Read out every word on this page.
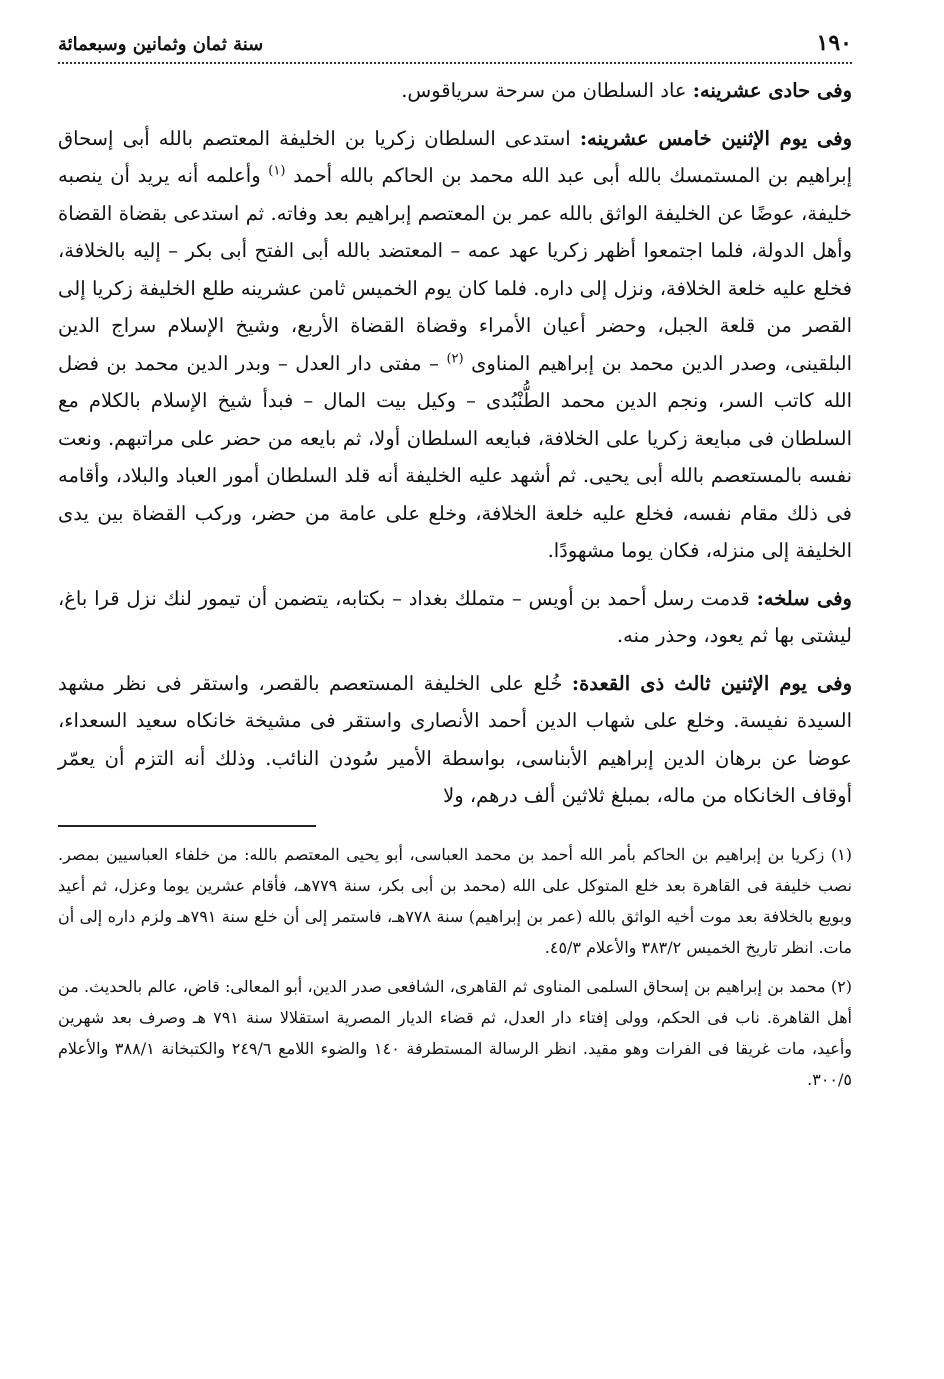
١٩٠
سنة ثمان وثمانين وسبعمائة

وفى حادى عشرينه: عاد السلطان من سرحة سرياقوس.

وفى يوم الإثنين خامس عشرينه: استدعى السلطان زكريا بن الخليفة المعتصم بالله أبى إسحاق إبراهيم بن المستمسك بالله أبى عبد الله محمد بن الحاكم بالله أحمد $^{(١)}$ وأعلمه أنه يريد أن ينصبه خليفة، عوضًا عن الخليفة الواثق بالله عمر بن المعتصم إبراهيم بعد وفاته. ثم استدعى بقضاة القضاة وأهل الدولة، فلما اجتمعوا أظهر زكريا عهد عمه – المعتضد بالله أبى الفتح أبى بكر – إليه بالخلافة، فخلع عليه خلعة الخلافة، ونزل إلى داره. فلما كان يوم الخميس ثامن عشرينه طلع الخليفة زكريا إلى القصر من قلعة الجبل، وحضر أعيان الأمراء وقضاة القضاة الأربع، وشيخ الإسلام سراج الدين البلقينى، وصدر الدين محمد بن إبراهيم المناوى $^{(٢)}$ – مفتى دار العدل – وبدر الدين محمد بن فضل الله كاتب السر، ونجم الدين محمد الطُّنْبُدى – وكيل بيت المال – فبدأ شيخ الإسلام بالكلام مع السلطان فى مبايعة زكريا على الخلافة، فبايعه السلطان أولا، ثم بايعه من حضر على مراتبهم. ونعت نفسه بالمستعصم بالله أبى يحيى. ثم أشهد عليه الخليفة أنه قلد السلطان أمور العباد والبلاد، وأقامه فى ذلك مقام نفسه، فخلع عليه خلعة الخلافة، وخلع على عامة من حضر، وركب القضاة بين يدى الخليفة إلى منزله، فكان يوما مشهودًا.

وفى سلخه: قدمت رسل أحمد بن أويس – متملك بغداد – بكتابه، يتضمن أن تيمور لنك نزل قرا باغ، ليشتى بها ثم يعود، وحذر منه.

وفى يوم الإثنين ثالث ذى القعدة: خُلع على الخليفة المستعصم بالقصر، واستقر فى نظر مشهد السيدة نفيسة. وخلع على شهاب الدين أحمد الأنصارى واستقر فى مشيخة خانكاه سعيد السعداء، عوضا عن برهان الدين إبراهيم الأبناسى، بواسطة الأمير سُودن النائب. وذلك أنه التزم أن يعمّر أوقاف الخانكاه من ماله، بمبلغ ثلاثين ألف درهم، ولا

(١) زكريا بن إبراهيم بن الحاكم بأمر الله أحمد بن محمد العباسى، أبو يحيى المعتصم بالله: من خلفاء العباسيين بمصر. نصب خليفة فى القاهرة بعد خلع المتوكل على الله (محمد بن أبى بكر، سنة ٧٧٩هـ، فأقام عشرين يوما وعزل، ثم أعيد وبويع بالخلافة بعد موت أخيه الواثق بالله (عمر بن إبراهيم) سنة ٧٧٨هـ، فاستمر إلى أن خلع سنة ٧٩١هـ ولزم داره إلى أن مات. انظر تاريخ الخميس ٣٨٣/٢ والأعلام ٤٥/٣.

(٢) محمد بن إبراهيم بن إسحاق السلمى المناوى ثم القاهرى، الشافعى صدر الدين، أبو المعالى: قاض، عالم بالحديث. من أهل القاهرة. ناب فى الحكم، وولى إفتاء دار العدل، ثم قضاء الديار المصرية استقلالا سنة ٧٩١ هـ وصرف بعد شهرين وأعيد، مات غريقا فى الفرات وهو مقيد. انظر الرسالة المستطرفة ١٤٠ والضوء اللامع ٢٤٩/٦ والكتبخانة ٣٨٨/١ والأعلام ٣٠٠/٥.
